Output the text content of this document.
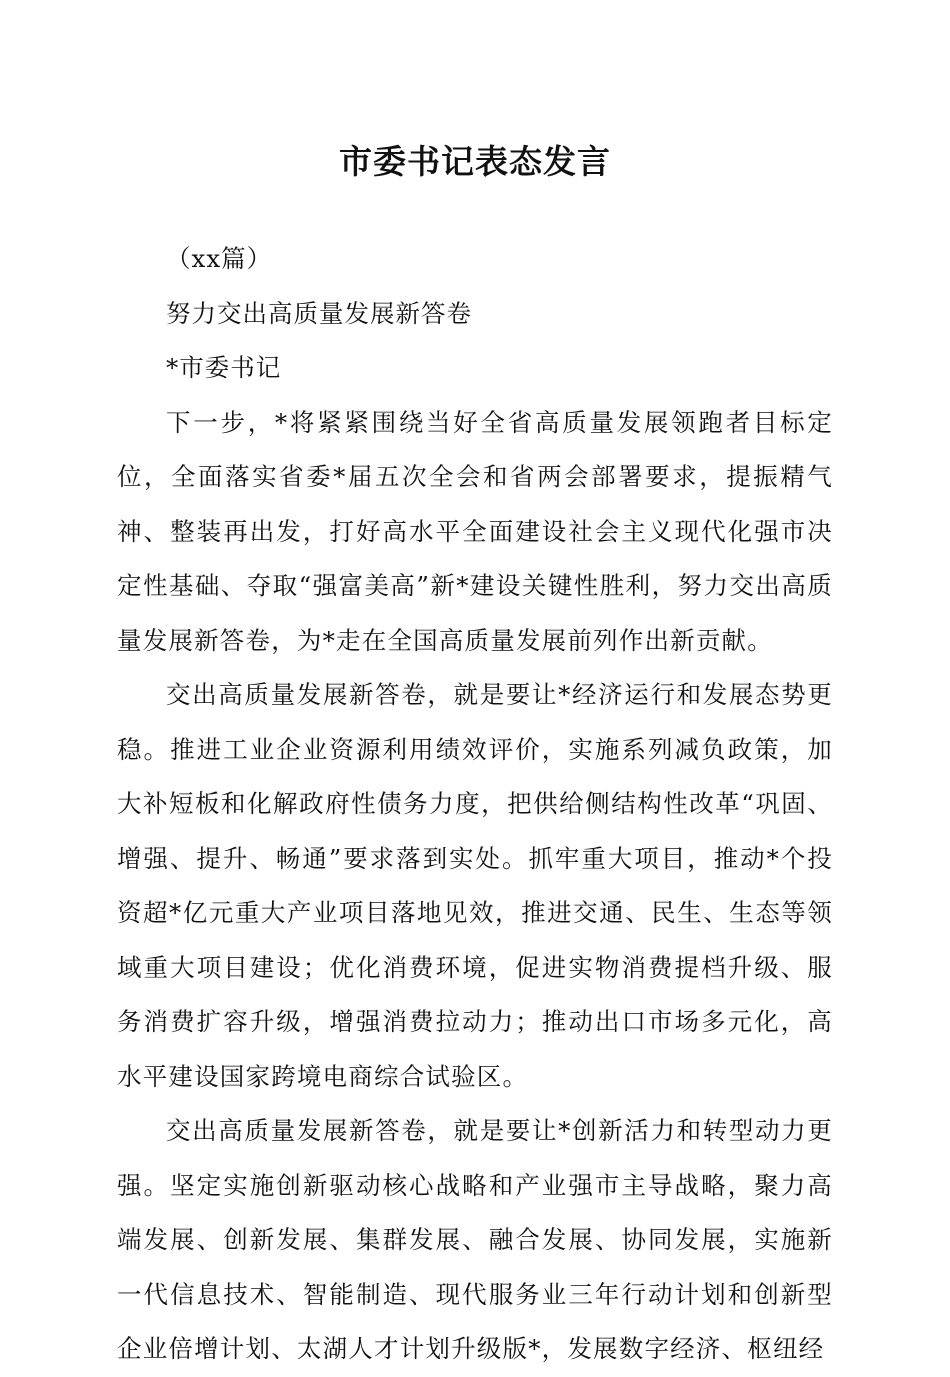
市委书记表态发言

（xx篇）

努力交出高质量发展新答卷

*市委书记

下一步，*将紧紧围绕当好全省高质量发展领跑者目标定位，全面落实省委*届五次全会和省两会部署要求，提振精气神、整装再出发，打好高水平全面建设社会主义现代化强市决定性基础、夺取“强富美高”新*建设关键性胜利，努力交出高质量发展新答卷，为*走在全国高质量发展前列作出新贡献。

交出高质量发展新答卷，就是要让*经济运行和发展态势更稳。推进工业企业资源利用绩效评价，实施系列减负政策，加大补短板和化解政府性债务力度，把供给侧结构性改革“巩固、增强、提升、畅通”要求落到实处。抓牢重大项目，推动*个投资超*亿元重大产业项目落地见效，推进交通、民生、生态等领域重大项目建设；优化消费环境，促进实物消费提档升级、服务消费扩容升级，增强消费拉动力；推动出口市场多元化，高水平建设国家跨境电商综合试验区。

交出高质量发展新答卷，就是要让*创新活力和转型动力更强。坚定实施创新驱动核心战略和产业强市主导战略，聚力高端发展、创新发展、集群发展、融合发展、协同发展，实施新一代信息技术、智能制造、现代服务业三年行动计划和创新型企业倍增计划、太湖人才计划升级版*，发展数字经济、枢纽经
